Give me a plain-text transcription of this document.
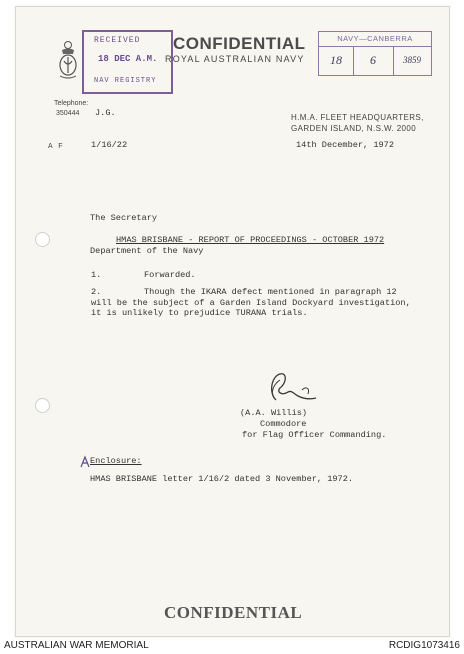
RECEIVED
18 DEC A.M.
NAV REGISTRY
CONFIDENTIAL
ROYAL AUSTRALIAN NAVY
NAVY—CANBERRA
18	6	3859
Telephone:
350444 J.G.	H.M.A. FLEET HEADQUARTERS,
GARDEN ISLAND, N.S.W. 2000
A F	1/16/22	14th December, 1972

The Secretary

Department of the Navy

HMAS BRISBANE - REPORT OF PROCEEDINGS - OCTOBER 1972
1.	Forwarded.
2.	Though the IKARA defect mentioned in paragraph 12
will be the subject of a Garden Island Dockyard investigation,
it is unlikely to prejudice TURANA trials.
(A.A. Willis)
Commodore
for Flag Officer Commanding.
Enclosure:
HMAS BRISBANE letter 1/16/2 dated 3 November, 1972.
CONFIDENTIAL
AUSTRALIAN WAR MEMORIAL	RCDIG1073416
